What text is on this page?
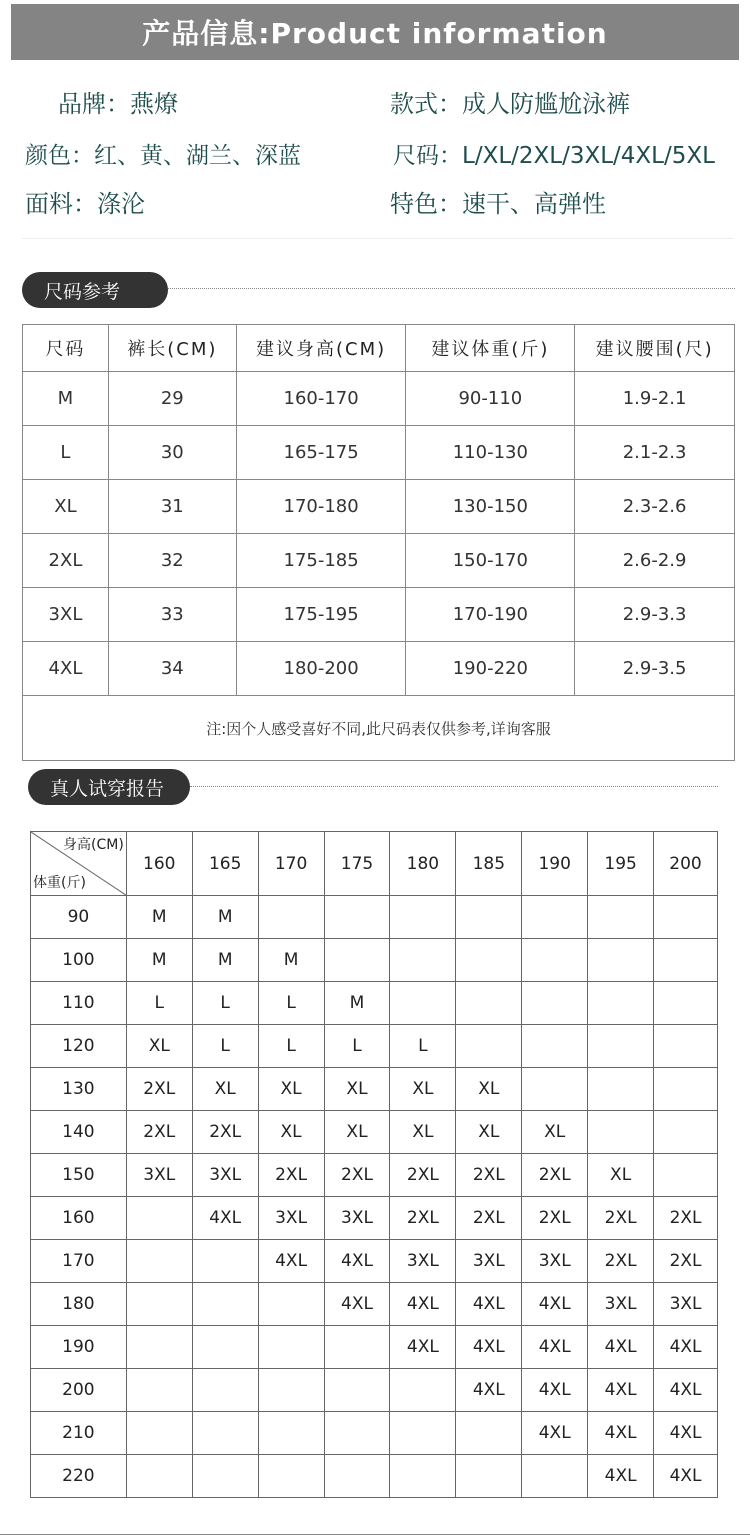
产品信息:Product information
品牌：燕燎	款式：成人防尴尬泳裤
颜色：红、黄、湖兰、深蓝	尺码：L/XL/2XL/3XL/4XL/5XL
面料：涤沦	特色：速干、高弹性
尺码参考
尺码	裤长(CM)	建议身高(CM)	建议体重(斤)	建议腰围(尺)
M	29	160-170	90-110	1.9-2.1
L	30	165-175	110-130	2.1-2.3
XL	31	170-180	130-150	2.3-2.6
2XL	32	175-185	150-170	2.6-2.9
3XL	33	175-195	170-190	2.9-3.3
4XL	34	180-200	190-220	2.9-3.5
注:因个人感受喜好不同,此尺码表仅供参考,详询客服				
真人试穿报告
身高(CM)
体重(斤)	160	165	170	175	180	185	190	195	200
90	M	M							
100	M	M	M						
110	L	L	L	M					
120	XL	L	L	L	L				
130	2XL	XL	XL	XL	XL	XL			
140	2XL	2XL	XL	XL	XL	XL	XL		
150	3XL	3XL	2XL	2XL	2XL	2XL	2XL	XL	
160		4XL	3XL	3XL	2XL	2XL	2XL	2XL	2XL
170			4XL	4XL	3XL	3XL	3XL	2XL	2XL
180				4XL	4XL	4XL	4XL	3XL	3XL
190					4XL	4XL	4XL	4XL	4XL
200						4XL	4XL	4XL	4XL
210							4XL	4XL	4XL
220								4XL	4XL
